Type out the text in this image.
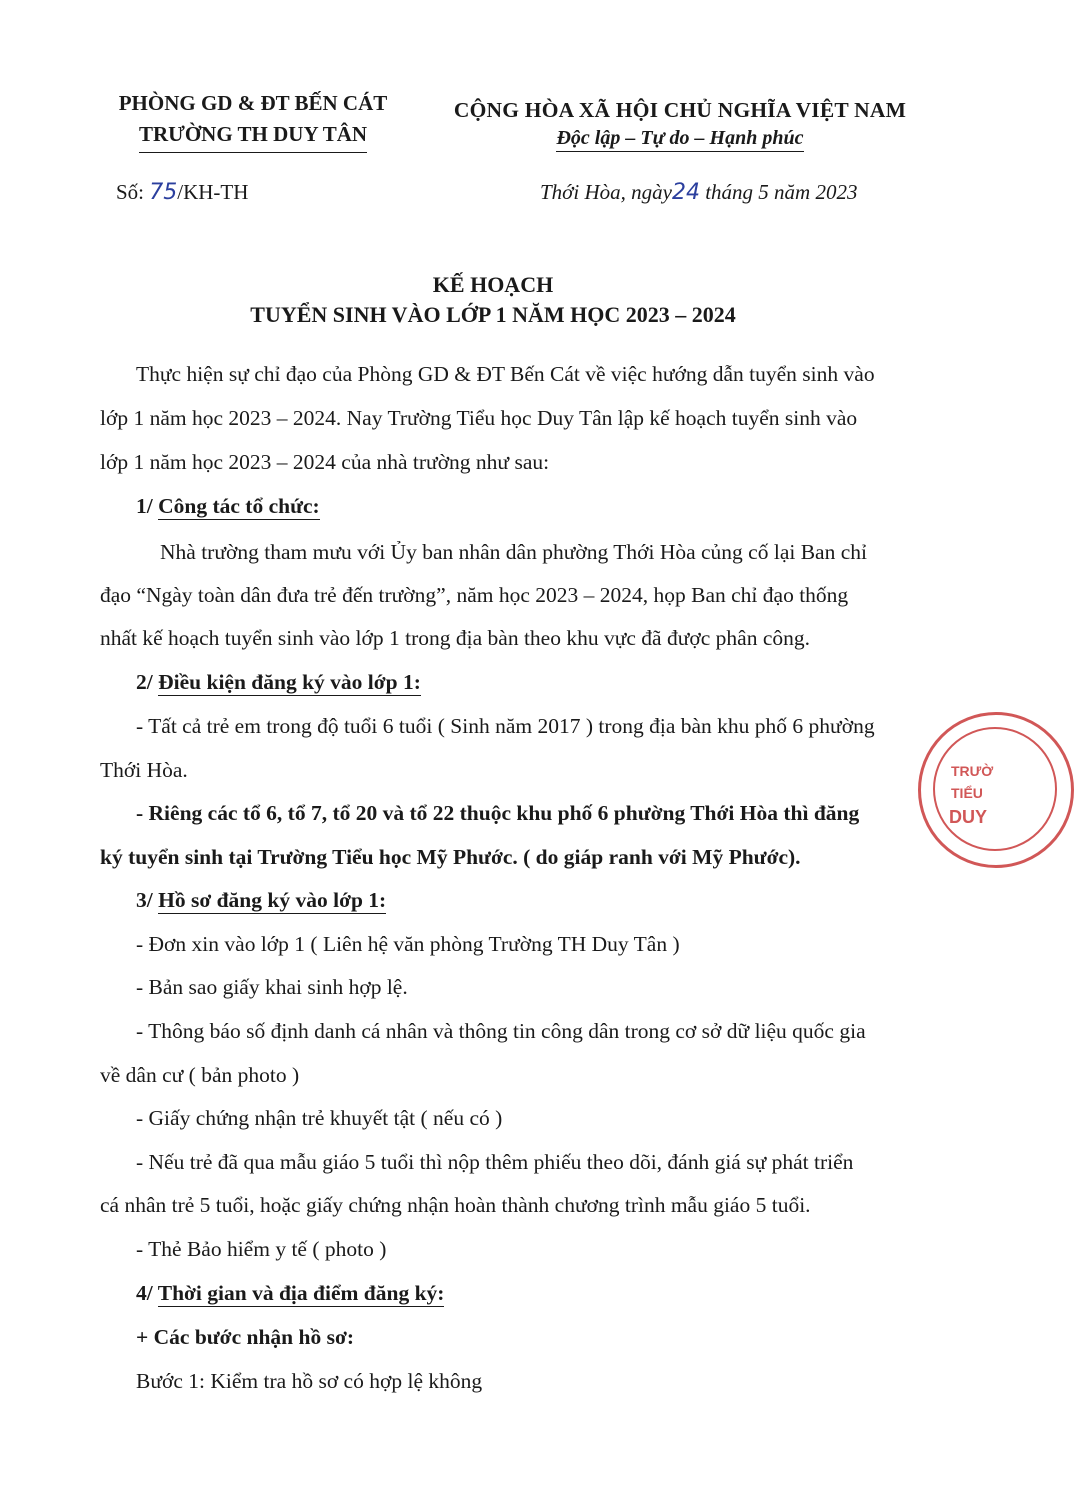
PHÒNG GD & ĐT BẾN CÁT
TRƯỜNG TH DUY TÂN
CỘNG HÒA XÃ HỘI CHỦ NGHĨA VIỆT NAM
Độc lập – Tự do – Hạnh phúc
Số: 75/KH-TH	Thới Hòa, ngày24 tháng 5 năm 2023
KẾ HOẠCH
TUYỂN SINH VÀO LỚP 1 NĂM HỌC 2023 – 2024
Thực hiện sự chỉ đạo của Phòng GD & ĐT Bến Cát về việc hướng dẫn tuyển sinh vào
lớp 1 năm học 2023 – 2024. Nay Trường Tiểu học Duy Tân lập kế hoạch tuyển sinh vào
lớp 1 năm học 2023 – 2024 của nhà trường như sau:
1/ Công tác tổ chức:
Nhà trường tham mưu với Ủy ban nhân dân phường Thới Hòa củng cố lại Ban chỉ
đạo “Ngày toàn dân đưa trẻ đến trường”, năm học 2023 – 2024, họp Ban chỉ đạo thống
nhất kế hoạch tuyển sinh vào lớp 1 trong địa bàn theo khu vực đã được phân công.
2/ Điều kiện đăng ký vào lớp 1:
- Tất cả trẻ em trong độ tuổi 6 tuổi ( Sinh năm 2017 ) trong địa bàn khu phố 6 phường
Thới Hòa.
- Riêng các tổ 6, tổ 7, tổ 20 và tổ 22 thuộc khu phố 6 phường Thới Hòa thì đăng
ký tuyển sinh tại Trường Tiểu học Mỹ Phước. ( do giáp ranh với Mỹ Phước).
3/ Hồ sơ đăng ký vào lớp 1:
- Đơn xin vào lớp 1 ( Liên hệ văn phòng Trường TH Duy Tân )
- Bản sao giấy khai sinh hợp lệ.
- Thông báo số định danh cá nhân và thông tin công dân trong cơ sở dữ liệu quốc gia
về dân cư ( bản photo )
- Giấy chứng nhận trẻ khuyết tật ( nếu có )
- Nếu trẻ đã qua mẫu giáo 5 tuổi thì nộp thêm phiếu theo dõi, đánh giá sự phát triển
cá nhân trẻ 5 tuổi, hoặc giấy chứng nhận hoàn thành chương trình mẫu giáo 5 tuổi.
- Thẻ Bảo hiểm y tế ( photo )
4/ Thời gian và địa điểm đăng ký:
+ Các bước nhận hồ sơ:
Bước 1: Kiểm tra hồ sơ có hợp lệ không
TRƯỜ
TIỂU
DUY
